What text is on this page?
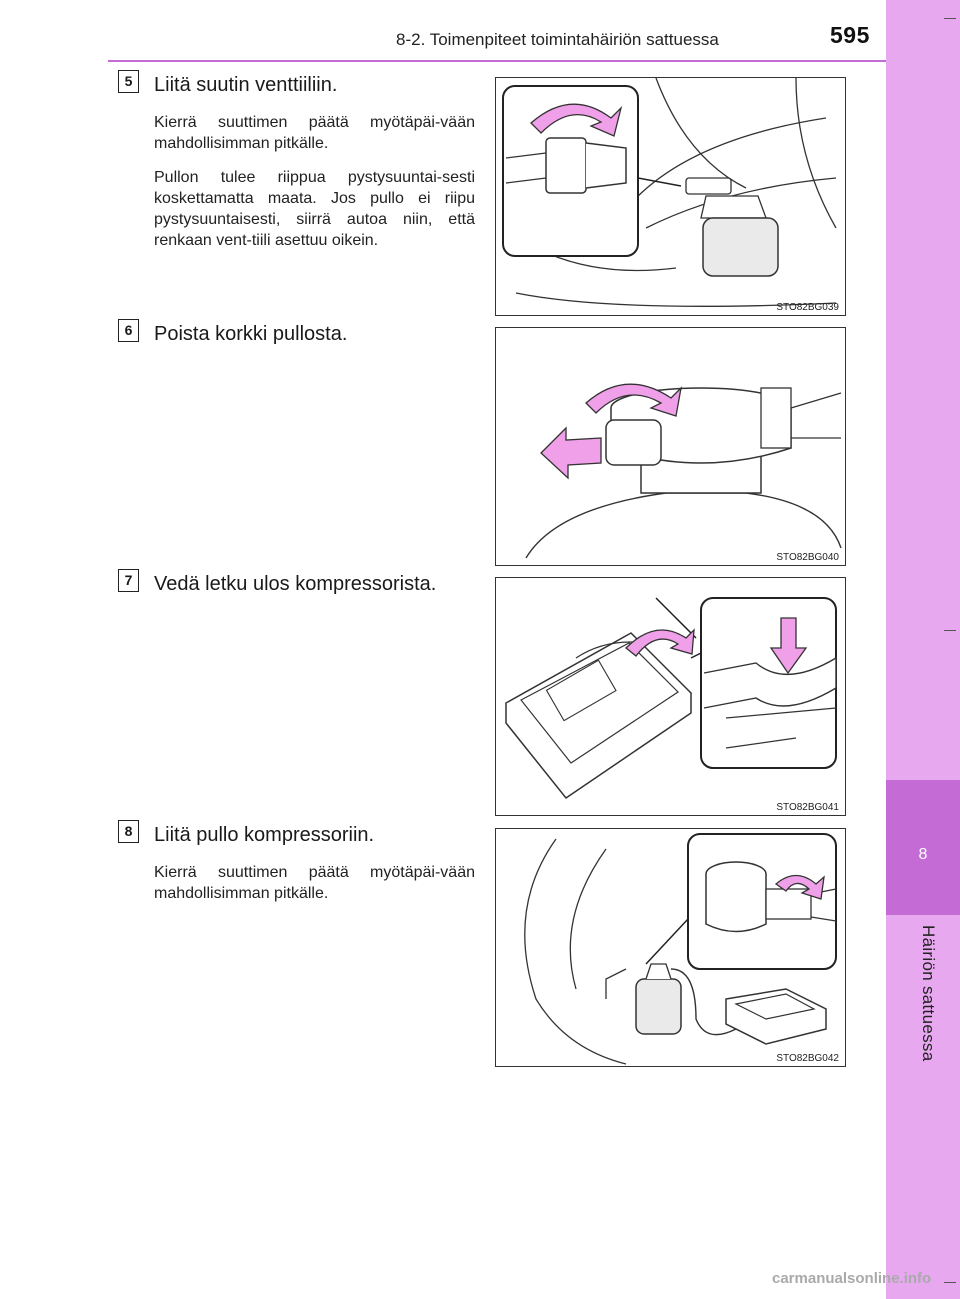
8
Häiriön sattuessa
8-2. Toimenpiteet toimintahäiriön sattuessa	595
5	Liitä suutin venttiiliin.
Kierrä suuttimen päätä myötäpäi-vään mahdollisimman pitkälle.
Pullon tulee riippua pystysuuntai-sesti koskettamatta maata. Jos pullo ei riipu pystysuuntaisesti, siirrä autoa niin, että renkaan vent-tiili asettuu oikein.
STO82BG039
6	Poista korkki pullosta.
STO82BG040
7	Vedä letku ulos kompressorista.
STO82BG041
8	Liitä pullo kompressoriin.
Kierrä suuttimen päätä myötäpäi-vään mahdollisimman pitkälle.
STO82BG042
carmanualsonline.info
